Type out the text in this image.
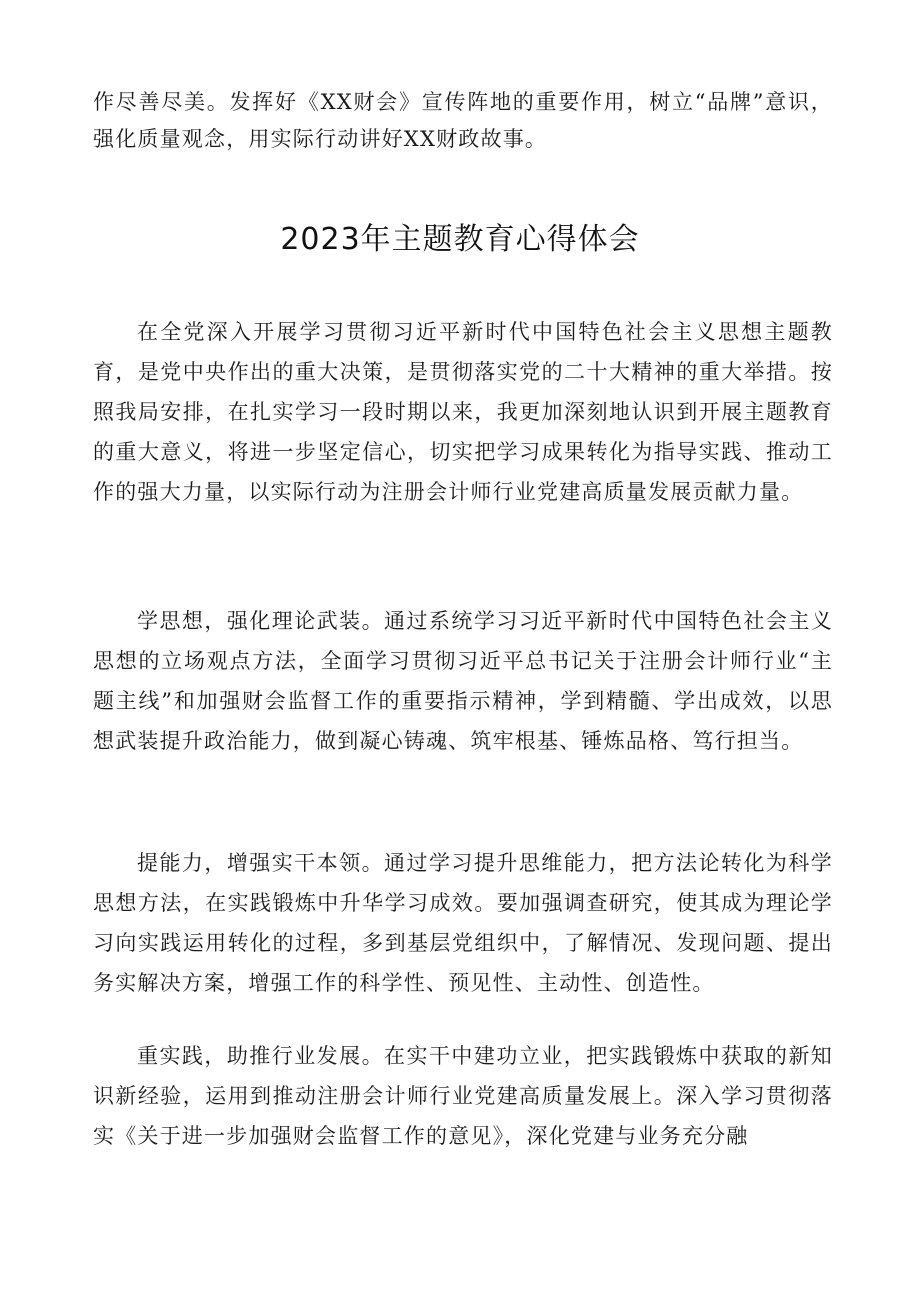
作尽善尽美。发挥好《XX财会》宣传阵地的重要作用，树立“品牌”意识，强化质量观念，用实际行动讲好XX财政故事。

2023年主题教育心得体会

在全党深入开展学习贯彻习近平新时代中国特色社会主义思想主题教育，是党中央作出的重大决策，是贯彻落实党的二十大精神的重大举措。按照我局安排，在扎实学习一段时期以来，我更加深刻地认识到开展主题教育的重大意义，将进一步坚定信心，切实把学习成果转化为指导实践、推动工作的强大力量，以实际行动为注册会计师行业党建高质量发展贡献力量。

学思想，强化理论武装。通过系统学习习近平新时代中国特色社会主义思想的立场观点方法，全面学习贯彻习近平总书记关于注册会计师行业“主题主线”和加强财会监督工作的重要指示精神，学到精髓、学出成效，以思想武装提升政治能力，做到凝心铸魂、筑牢根基、锤炼品格、笃行担当。

提能力，增强实干本领。通过学习提升思维能力，把方法论转化为科学思想方法，在实践锻炼中升华学习成效。要加强调查研究，使其成为理论学习向实践运用转化的过程，多到基层党组织中，了解情况、发现问题、提出务实解决方案，增强工作的科学性、预见性、主动性、创造性。

重实践，助推行业发展。在实干中建功立业，把实践锻炼中获取的新知识新经验，运用到推动注册会计师行业党建高质量发展上。深入学习贯彻落实《关于进一步加强财会监督工作的意见》，深化党建与业务充分融
